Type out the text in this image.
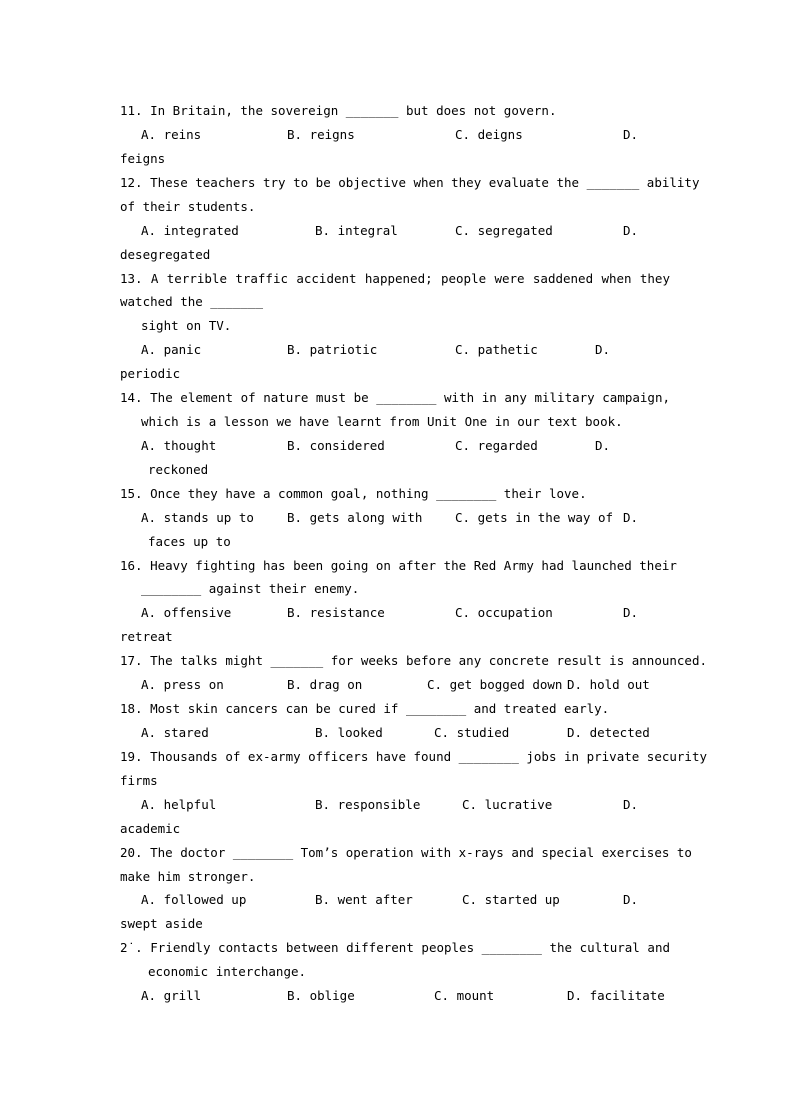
11. In Britain, the sovereign _______ but does not govern.
A. reins	B. reigns	C. deigns	D.
feigns
12. These teachers try to be objective when they evaluate the _______ ability
of their students.
A. integrated	B. integral	C. segregated	D.
desegregated
13. A terrible traffic accident happened; people were saddened when they
watched the _______
sight on TV.
A. panic	B. patriotic	C. pathetic	D.
periodic
14. The element of nature must be ________ with in any military campaign,
which is a lesson we have learnt from Unit One in our text book.
A. thought	B. considered	C. regarded	D.
reckoned
15. Once they have a common goal, nothing ________ their love.
A. stands up to	B. gets along with	C. gets in the way of D.
faces up to
16. Heavy fighting has been going on after the Red Army had launched their
________ against their enemy.
A. offensive	B. resistance	C. occupation	D.
retreat
17. The talks might _______ for weeks before any concrete result is announced.
A. press on	B. drag on	C. get bogged down D. hold out
18. Most skin cancers can be cured if ________ and treated early.
A. stared	B. looked	C. studied	D. detected
19. Thousands of ex-army officers have found ________ jobs in private security
firms
A. helpful	B. responsible	C. lucrative	D.
academic
20. The doctor ________ Tom’s operation with x-rays and special exercises to
make him stronger.
A. followed up	B. went after	C. started up	D.
swept aside
2˙. Friendly contacts between different peoples ________ the cultural and
economic interchange.
A. grill	B. oblige	C. mount	D. facilitate
